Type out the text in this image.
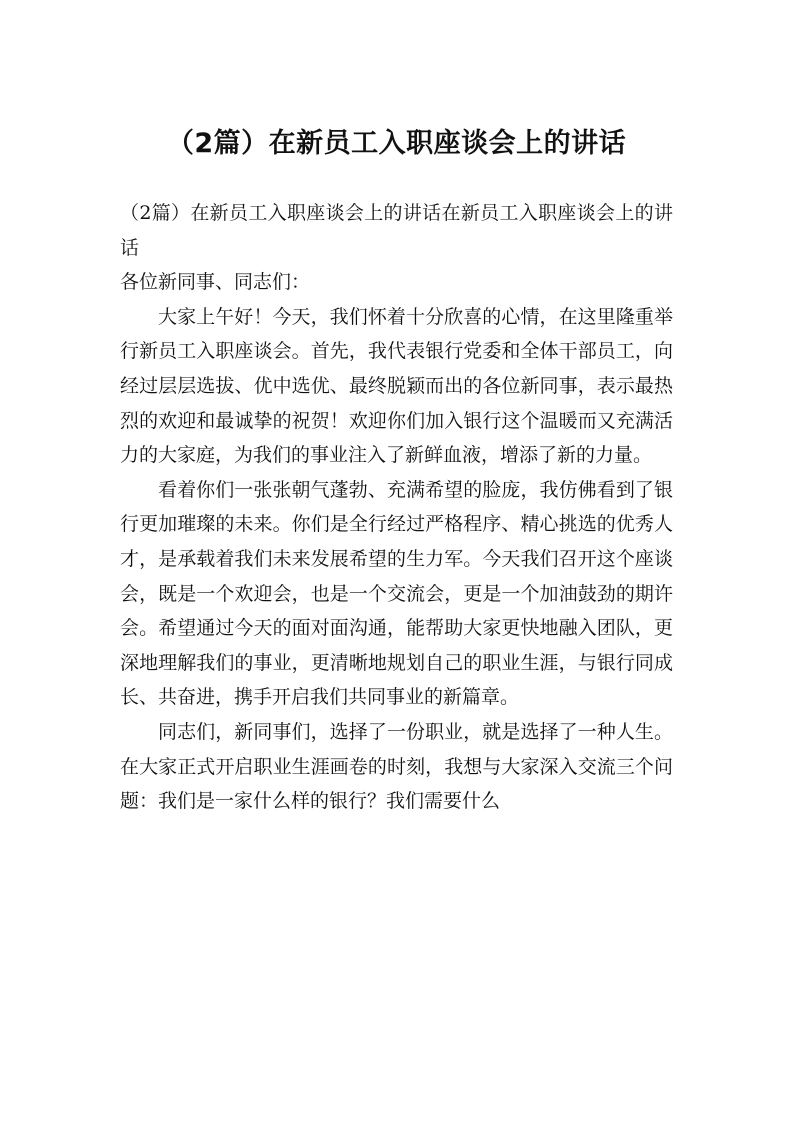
（2篇）在新员工入职座谈会上的讲话

（2篇）在新员工入职座谈会上的讲话在新员工入职座谈会上的讲话

各位新同事、同志们：

大家上午好！今天，我们怀着十分欣喜的心情，在这里隆重举行新员工入职座谈会。首先，我代表银行党委和全体干部员工，向经过层层选拔、优中选优、最终脱颖而出的各位新同事，表示最热烈的欢迎和最诚挚的祝贺！欢迎你们加入银行这个温暖而又充满活力的大家庭，为我们的事业注入了新鲜血液，增添了新的力量。

看着你们一张张朝气蓬勃、充满希望的脸庞，我仿佛看到了银行更加璀璨的未来。你们是全行经过严格程序、精心挑选的优秀人才，是承载着我们未来发展希望的生力军。今天我们召开这个座谈会，既是一个欢迎会，也是一个交流会，更是一个加油鼓劲的期许会。希望通过今天的面对面沟通，能帮助大家更快地融入团队，更深地理解我们的事业，更清晰地规划自己的职业生涯，与银行同成长、共奋进，携手开启我们共同事业的新篇章。

同志们，新同事们，选择了一份职业，就是选择了一种人生。在大家正式开启职业生涯画卷的时刻，我想与大家深入交流三个问题：我们是一家什么样的银行？我们需要什么
